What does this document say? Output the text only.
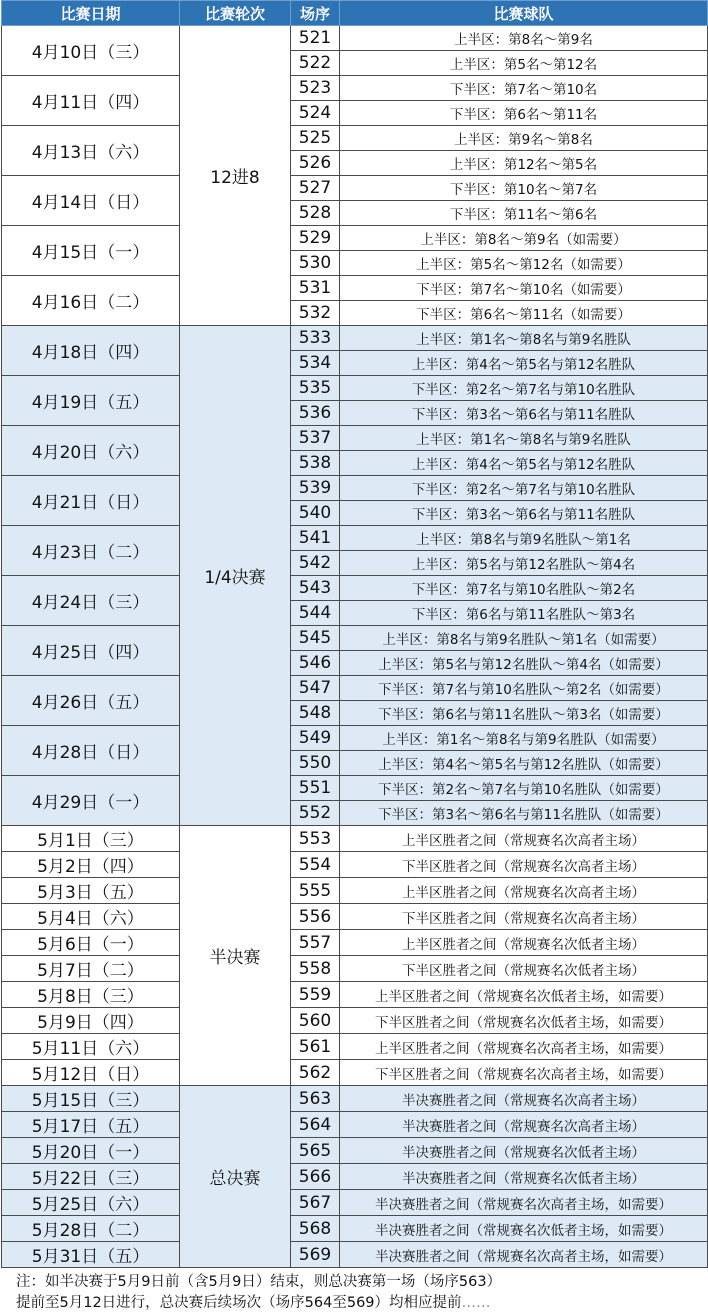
比赛日期	比赛轮次	场序	比赛球队
4月10日（三）	12进8	521	上半区：第8名～第9名
		522	上半区：第5名～第12名
4月11日（四）		523	下半区：第7名～第10名
		524	下半区：第6名～第11名
4月13日（六）		525	上半区：第9名～第8名
		526	上半区：第12名～第5名
4月14日（日）		527	下半区：第10名～第7名
		528	下半区：第11名～第6名
4月15日（一）		529	上半区：第8名～第9名（如需要）
		530	上半区：第5名～第12名（如需要）
4月16日（二）		531	下半区：第7名～第10名（如需要）
		532	下半区：第6名～第11名（如需要）
4月18日（四）	1/4决赛	533	上半区：第1名～第8名与第9名胜队
		534	上半区：第4名～第5名与第12名胜队
4月19日（五）		535	下半区：第2名～第7名与第10名胜队
		536	下半区：第3名～第6名与第11名胜队
4月20日（六）		537	上半区：第1名～第8名与第9名胜队
		538	上半区：第4名～第5名与第12名胜队
4月21日（日）		539	下半区：第2名～第7名与第10名胜队
		540	下半区：第3名～第6名与第11名胜队
4月23日（二）		541	上半区：第8名与第9名胜队～第1名
		542	上半区：第5名与第12名胜队～第4名
4月24日（三）		543	下半区：第7名与第10名胜队～第2名
		544	下半区：第6名与第11名胜队～第3名
4月25日（四）		545	上半区：第8名与第9名胜队～第1名（如需要）
		546	上半区：第5名与第12名胜队～第4名（如需要）
4月26日（五）		547	下半区：第7名与第10名胜队～第2名（如需要）
		548	下半区：第6名与第11名胜队～第3名（如需要）
4月28日（日）		549	上半区：第1名～第8名与第9名胜队（如需要）
		550	上半区：第4名～第5名与第12名胜队（如需要）
4月29日（一）		551	下半区：第2名～第7名与第10名胜队（如需要）
		552	下半区：第3名～第6名与第11名胜队（如需要）
5月1日（三）	半决赛	553	上半区胜者之间（常规赛名次高者主场）
5月2日（四）		554	下半区胜者之间（常规赛名次高者主场）
5月3日（五）		555	上半区胜者之间（常规赛名次高者主场）
5月4日（六）		556	下半区胜者之间（常规赛名次高者主场）
5月6日（一）		557	上半区胜者之间（常规赛名次低者主场）
5月7日（二）		558	下半区胜者之间（常规赛名次低者主场）
5月8日（三）		559	上半区胜者之间（常规赛名次低者主场，如需要）
5月9日（四）		560	下半区胜者之间（常规赛名次低者主场，如需要）
5月11日（六）		561	上半区胜者之间（常规赛名次高者主场，如需要）
5月12日（日）		562	下半区胜者之间（常规赛名次高者主场，如需要）
5月15日（三）	总决赛	563	半决赛胜者之间（常规赛名次高者主场）
5月17日（五）		564	半决赛胜者之间（常规赛名次高者主场）
5月20日（一）		565	半决赛胜者之间（常规赛名次低者主场）
5月22日（三）		566	半决赛胜者之间（常规赛名次低者主场）
5月25日（六）		567	半决赛胜者之间（常规赛名次高者主场，如需要）
5月28日（二）		568	半决赛胜者之间（常规赛名次低者主场，如需要）
5月31日（五）		569	半决赛胜者之间（常规赛名次高者主场，如需要）
注：如半决赛于5月9日前（含5月9日）结束，则总决赛第一场（场序563）
提前至5月12日进行，总决赛后续场次（场序564至569）均相应提前……
